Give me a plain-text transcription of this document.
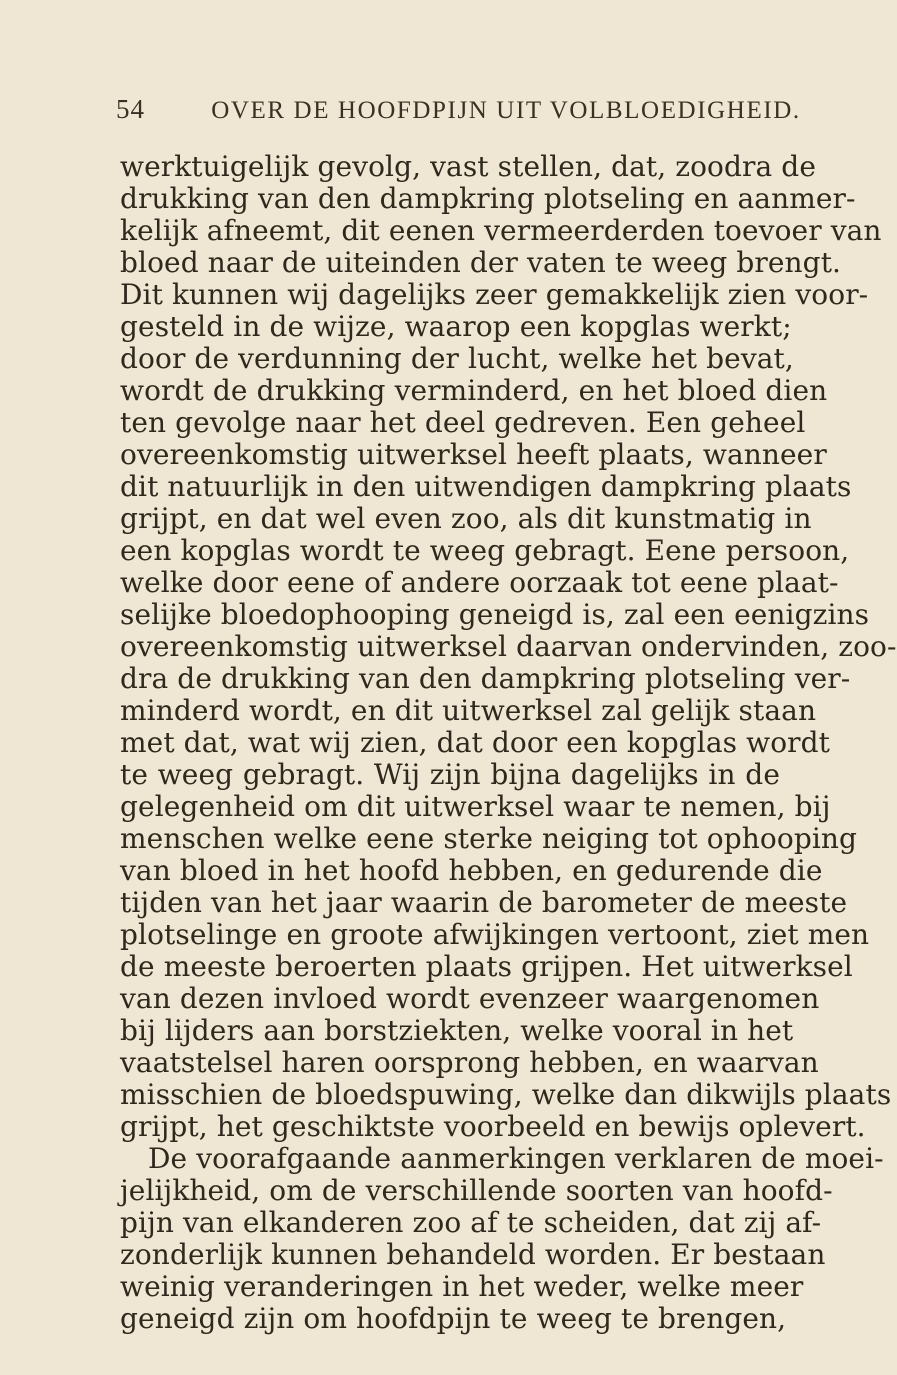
54	OVER DE HOOFDPIJN UIT VOLBLOEDIGHEID.
werktuigelijk gevolg, vast stellen, dat, zoodra de
drukking van den dampkring plotseling en aanmer-
kelijk afneemt, dit eenen vermeerderden toevoer van
bloed naar de uiteinden der vaten te weeg brengt.
Dit kunnen wij dagelijks zeer gemakkelijk zien voor-
gesteld in de wijze, waarop een kopglas werkt;
door de verdunning der lucht, welke het bevat,
wordt de drukking verminderd, en het bloed dien
ten gevolge naar het deel gedreven. Een geheel
overeenkomstig uitwerksel heeft plaats, wanneer
dit natuurlijk in den uitwendigen dampkring plaats
grijpt, en dat wel even zoo, als dit kunstmatig in
een kopglas wordt te weeg gebragt. Eene persoon,
welke door eene of andere oorzaak tot eene plaat-
selijke bloedophooping geneigd is, zal een eenigzins
overeenkomstig uitwerksel daarvan ondervinden, zoo-
dra de drukking van den dampkring plotseling ver-
minderd wordt, en dit uitwerksel zal gelijk staan
met dat, wat wij zien, dat door een kopglas wordt
te weeg gebragt. Wij zijn bijna dagelijks in de
gelegenheid om dit uitwerksel waar te nemen, bij
menschen welke eene sterke neiging tot ophooping
van bloed in het hoofd hebben, en gedurende die
tijden van het jaar waarin de barometer de meeste
plotselinge en groote afwijkingen vertoont, ziet men
de meeste beroerten plaats grijpen. Het uitwerksel
van dezen invloed wordt evenzeer waargenomen
bij lijders aan borstziekten, welke vooral in het
vaatstelsel haren oorsprong hebben, en waarvan
misschien de bloedspuwing, welke dan dikwijls plaats
grijpt, het geschiktste voorbeeld en bewijs oplevert.
De voorafgaande aanmerkingen verklaren de moei-
jelijkheid, om de verschillende soorten van hoofd-
pijn van elkanderen zoo af te scheiden, dat zij af-
zonderlijk kunnen behandeld worden. Er bestaan
weinig veranderingen in het weder, welke meer
geneigd zijn om hoofdpijn te weeg te brengen,
